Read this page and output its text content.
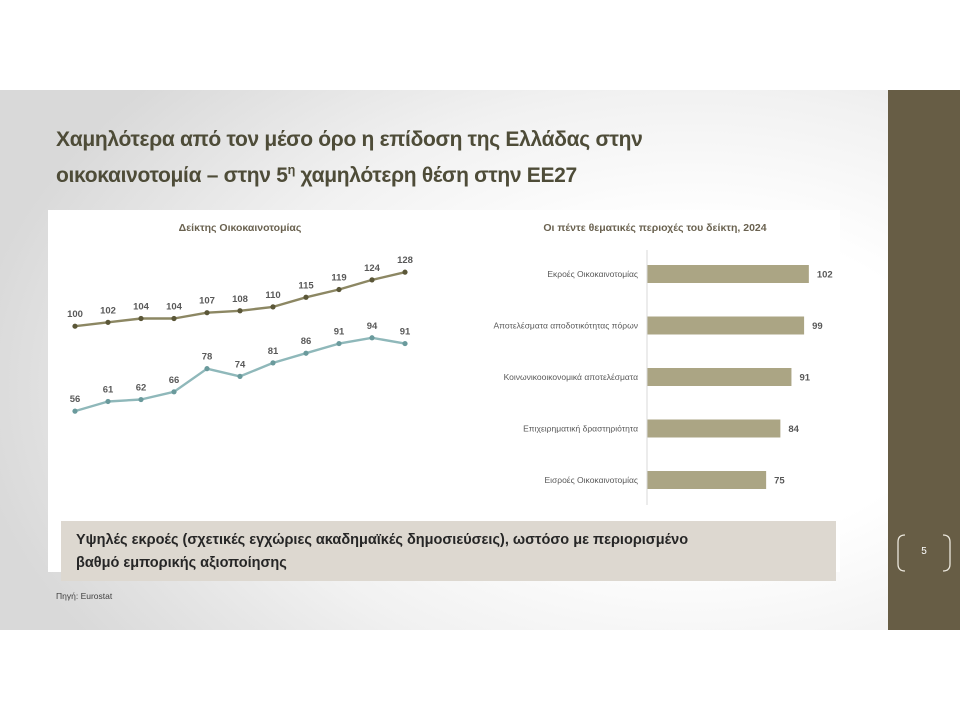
5
Χαμηλότερα από τον μέσο όρο η επίδοση της Ελλάδας στην
οικοκαινοτομία – στην $5^\eta$ χαμηλότερη θέση στην ΕΕ27
Δείκτης Οικοκαινοτομίας
100 102 104 104
107 108 110
115
119
124
128
56
61 62
66
78
74
81
86
91
94
91
Οι πέντε θεματικές περιοχές του δείκτη, 2024
Εκροές Οικοκαινοτομίας	102
Αποτελέσματα αποδοτικότητας πόρων	99
Κοινωνικοοικονομικά αποτελέσματα	91
Επιχειρηματική δραστηριότητα	84
Εισροές Οικοκαινοτομίας	75
Υψηλές εκροές (σχετικές εγχώριες ακαδημαϊκές δημοσιεύσεις), ωστόσο με περιορισμένο
βαθμό εμπορικής αξιοποίησης
Πηγή: Eurostat
